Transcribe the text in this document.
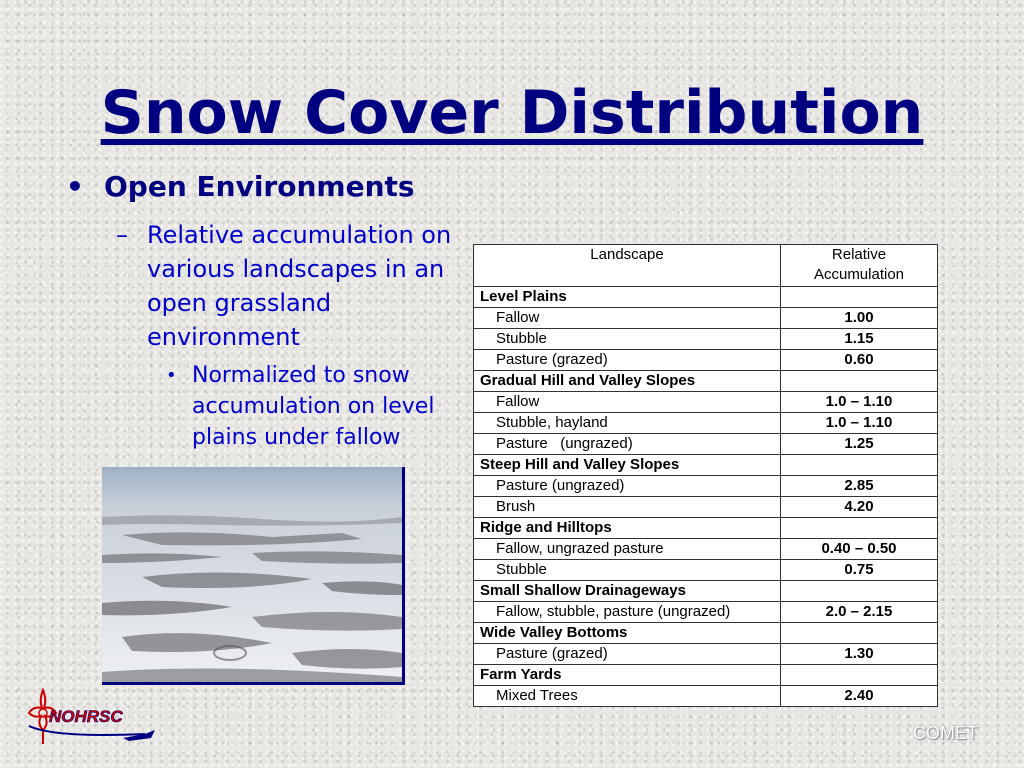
Snow Cover Distribution
• Open Environments
– Relative accumulation on various landscapes in an open grassland environment
• Normalized to snow accumulation on level plains under fallow
Landscape	Relative Accumulation
Level Plains	
Fallow	1.00
Stubble	1.15
Pasture (grazed)	0.60
Gradual Hill and Valley Slopes	
Fallow	1.0 – 1.10
Stubble, hayland	1.0 – 1.10
Pasture   (ungrazed)	1.25
Steep Hill and Valley Slopes	
Pasture (ungrazed)	2.85
Brush	4.20
Ridge and Hilltops	
Fallow, ungrazed pasture	0.40 – 0.50
Stubble	0.75
Small Shallow Drainageways	
Fallow, stubble, pasture (ungrazed)	2.0 – 2.15
Wide Valley Bottoms	
Pasture (grazed)	1.30
Farm Yards	
Mixed Trees	2.40
NOHRSC
COMET
